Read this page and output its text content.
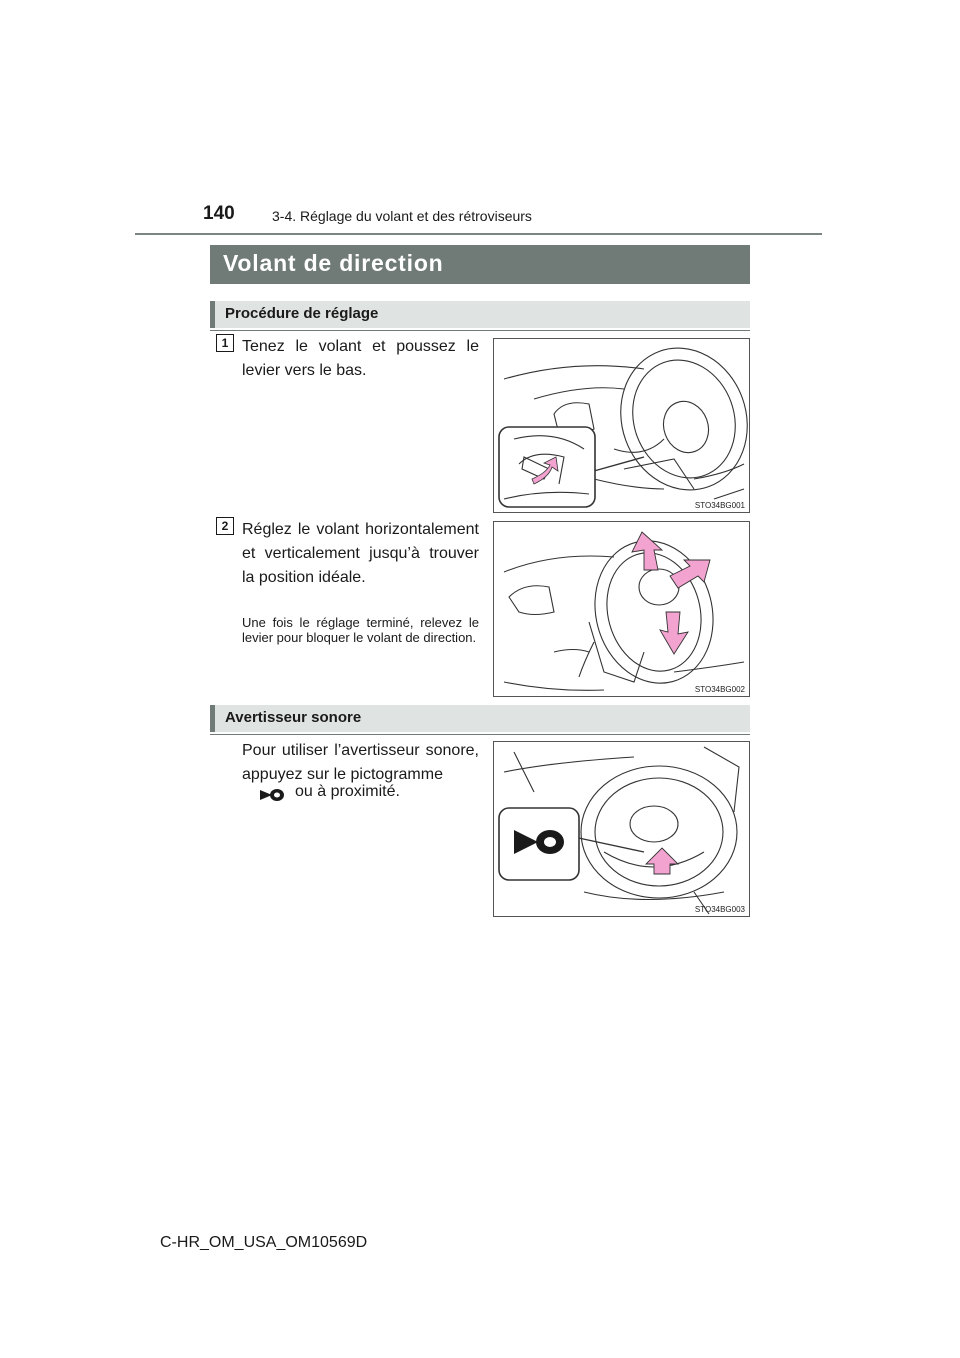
140	3-4. Réglage du volant et des rétroviseurs
Volant de direction
Procédure de réglage
1 Tenez le volant et poussez le levier vers le bas.
STO34BG001
2 Réglez le volant horizontalement et verticalement jusqu’à trouver la position idéale.
Une fois le réglage terminé, relevez le levier pour bloquer le volant de direction.
STO34BG002
Avertisseur sonore
Pour utiliser l’avertisseur sonore, appuyez sur le pictogramme
ou à proximité.
STO34BG003
C-HR_OM_USA_OM10569D
